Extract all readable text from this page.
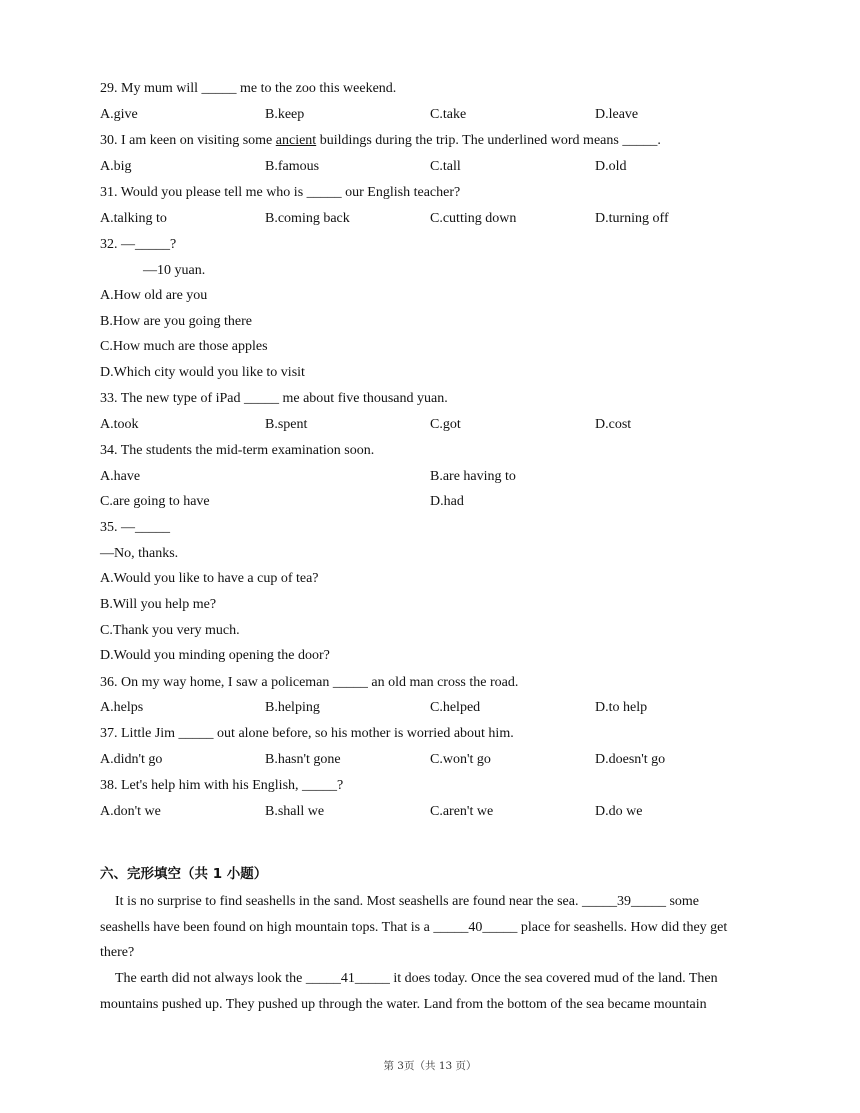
29. My mum will _____ me to the zoo this weekend.
A.give	B.keep	C.take	D.leave
30. I am keen on visiting some ancient buildings during the trip. The underlined word means _____.
A.big	B.famous	C.tall	D.old
31. Would you please tell me who is _____ our English teacher?
A.talking to	B.coming back	C.cutting down	D.turning off
32. —_____?
—10 yuan.
A.How old are you
B.How are you going there
C.How much are those apples
D.Which city would you like to visit
33. The new type of iPad _____ me about five thousand yuan.
A.took	B.spent	C.got	D.cost
34. The students the mid-term examination soon.
A.have	B.are having to
C.are going to have	D.had
35. —_____
—No, thanks.
A.Would you like to have a cup of tea?
B.Will you help me?
C.Thank you very much.
D.Would you minding opening the door?
36. On my way home, I saw a policeman _____ an old man cross the road.
A.helps	B.helping	C.helped	D.to help
37. Little Jim _____ out alone before, so his mother is worried about him.
A.didn't go	B.hasn't gone	C.won't go	D.doesn't go
38. Let's help him with his English, _____?
A.don't we	B.shall we	C.aren't we	D.do we
六、完形填空（共 1 小题）
It is no surprise to find seashells in the sand. Most seashells are found near the sea. _____39_____ some seashells have been found on high mountain tops. That is a _____40_____ place for seashells. How did they get there?
The earth did not always look the _____41_____ it does today. Once the sea covered mud of the land. Then mountains pushed up. They pushed up through the water. Land from the bottom of the sea became mountain
第 3页（共 13 页）
